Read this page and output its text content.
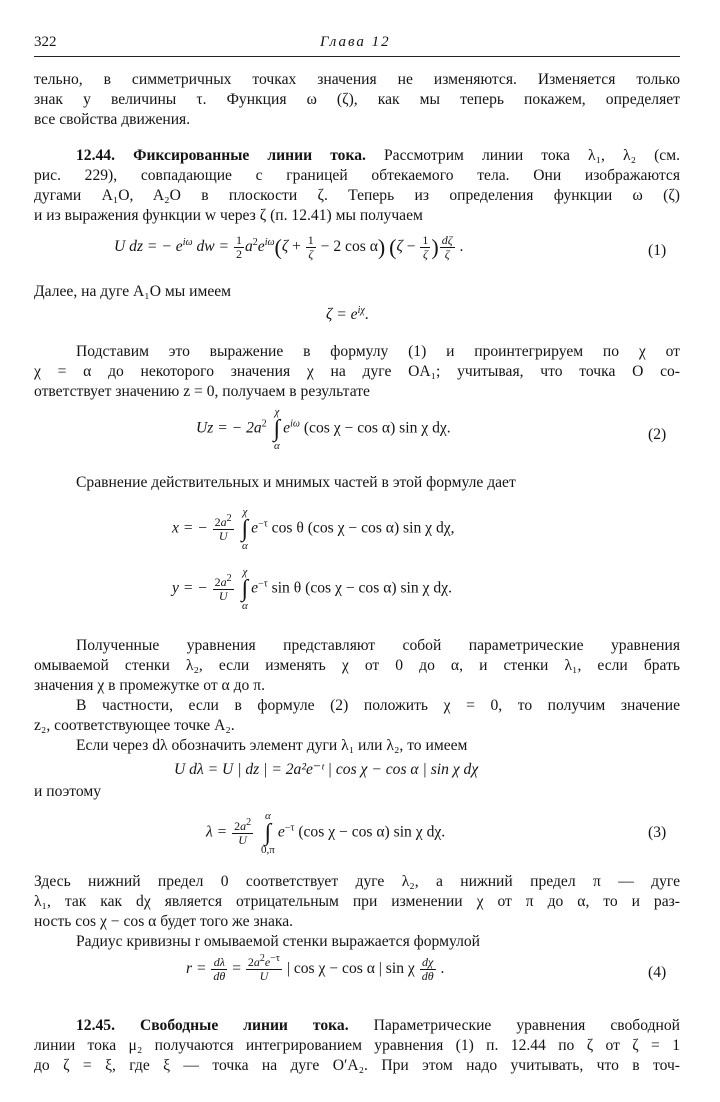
322	Глава 12
тельно, в симметричных точках значения не изменяются. Изменяется только
знак у величины τ. Функция ω (ζ), как мы теперь покажем, определяет
все свойства движения.
12.44. Фиксированные линии тока. Рассмотрим линии тока λ₁, λ₂ (см.
рис. 229), совпадающие с границей обтекаемого тела. Они изображаются
дугами A₁O, A₂O в плоскости ζ. Теперь из определения функции ω (ζ)
и из выражения функции w через ζ (п. 12.41) мы получаем
U dz = − $e^{i\omega}$ dw = $\frac{1}{2} a^2e^{i\omega}(\zeta + \frac{1}{\zeta} - 2$ cos α) ($\zeta - \frac{1}{\zeta}$ ) $\frac{d\zeta}{\zeta}$ .	(1)
Далее, на дуге A₁O мы имеем
$\zeta = e^{i\chi}$.
Подставим это выражение в формулу (1) и проинтегрируем по χ от
χ = α до некоторого значения χ на дуге OA₁; учитывая, что точка O со-
ответствует значению z = 0, получаем в результате
Uz = − $2a^2$
χ
∫
α
$e^{i\omega}$ (cos χ − cos α) sin χ dχ.	(2)
Сравнение действительных и мнимых частей в этой формуле дает
x = − $\frac{2a^2}{U}$

χ
∫
α
$e^{-\tau}$ cos θ (cos χ − cos α) sin χ dχ,
y = − $\frac{2a^2}{U}$

χ
∫
α
$e^{-\tau}$ sin θ (cos χ − cos α) sin χ dχ.
Полученные уравнения представляют собой параметрические уравнения
омываемой стенки λ₂, если изменять χ от 0 до α, и стенки λ₁, если брать
значения χ в промежутке от α до π.
В частности, если в формуле (2) положить χ = 0, то получим значение
z₂, соответствующее точке A₂.
Если через dλ обозначить элемент дуги λ₁ или λ₂, то имеем
U dλ = U | dz | = 2a²e⁻ᵗ | cos χ − cos α | sin χ dχ
и поэтому
$\lambda = \frac{2a^2}{U}$

α
∫
0,π
$e^{-\tau}$ (cos χ − cos α) sin χ dχ.	(3)
Здесь нижний предел 0 соответствует дуге λ₂, а нижний предел π — дуге
λ₁, так как dχ является отрицательным при изменении χ от π до α, то и раз-
ность cos χ − cos α будет того же знака.
Радиус кривизны r омываемой стенки выражается формулой
$r = \frac{d\lambda}{d\theta} = \frac{2a^2e^{-\tau}}{U}$ | cos χ − cos α | sin χ $\frac{d\chi}{d\theta}$ .	(4)
12.45. Свободные линии тока. Параметрические уравнения свободной
линии тока μ₂ получаются интегрированием уравнения (1) п. 12.44 по ζ от ζ = 1
до ζ = ξ, где ξ — точка на дуге O′A₂. При этом надо учитывать, что в точ-
